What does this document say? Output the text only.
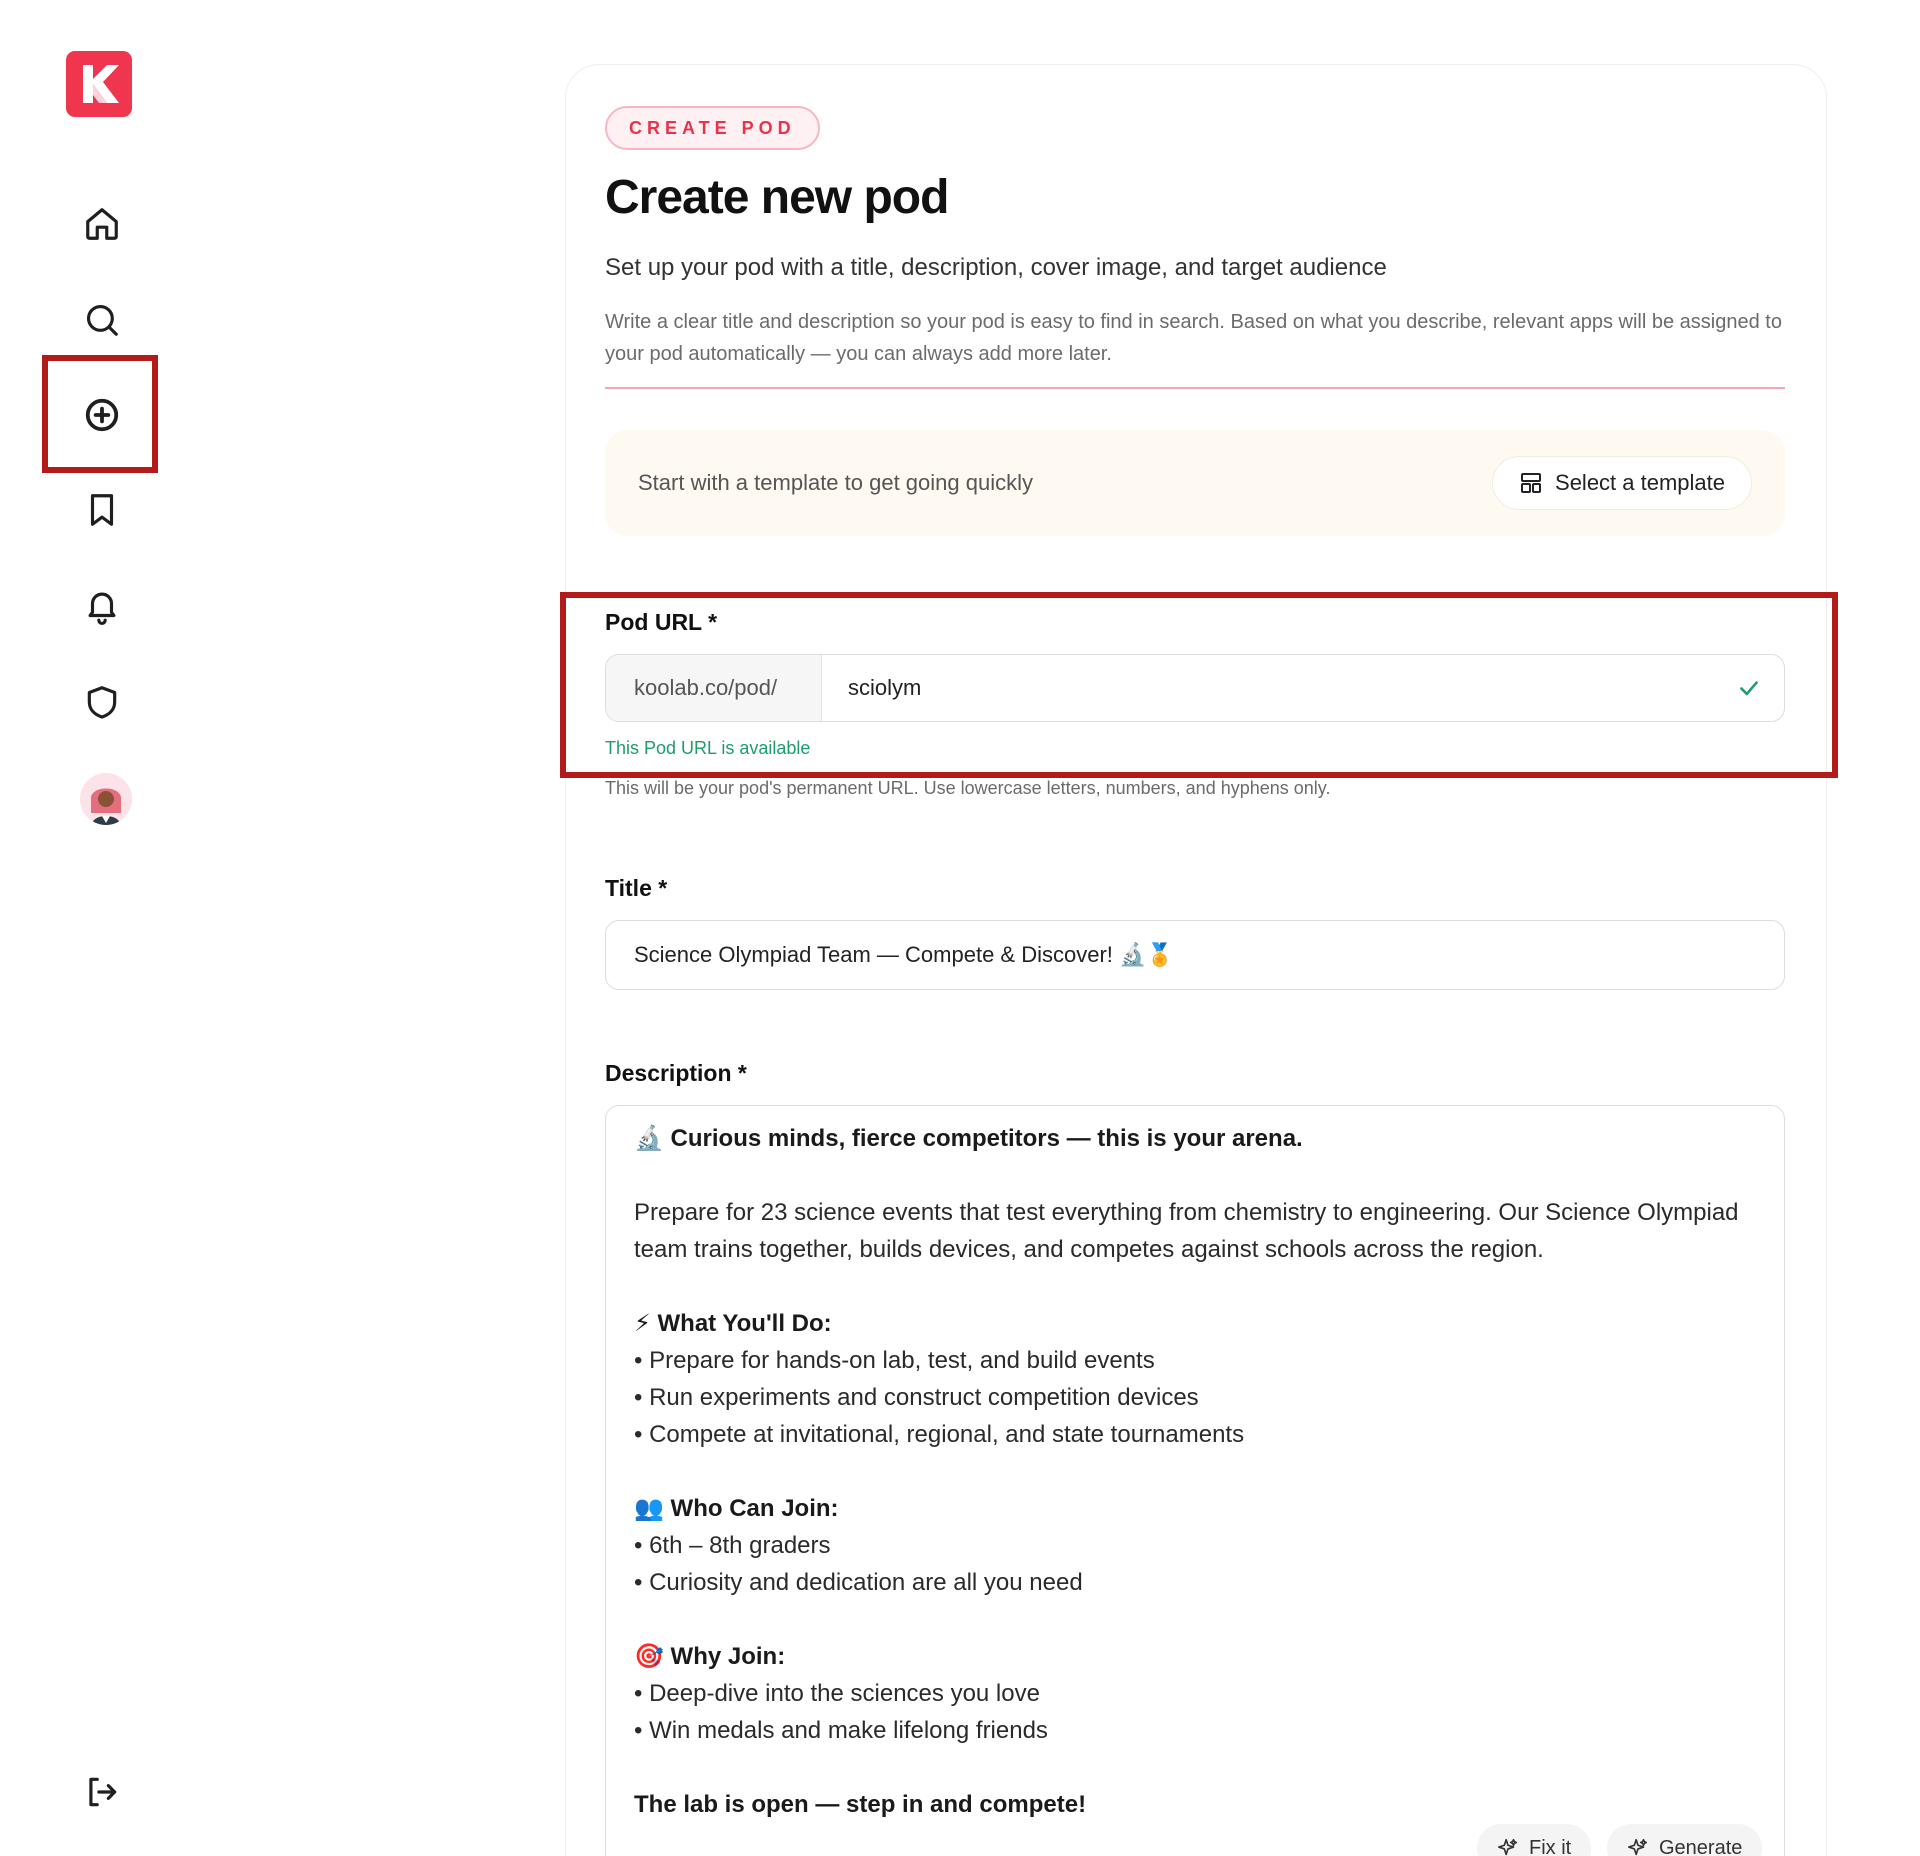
CREATE POD
Create new pod
Set up your pod with a title, description, cover image, and target audience
Write a clear title and description so your pod is easy to find in search. Based on what you describe, relevant apps will be assigned to your pod automatically — you can always add more later.
Start with a template to get going quickly	Select a template
Pod URL *
koolab.co/pod/	sciolym
This Pod URL is available
This will be your pod's permanent URL. Use lowercase letters, numbers, and hyphens only.
Title *
Science Olympiad Team — Compete & Discover! 🔬🏅
Description *

🔬 Curious minds, fierce competitors — this is your arena.

Prepare for 23 science events that test everything from chemistry to engineering. Our Science Olympiad team trains together, builds devices, and competes against schools across the region.

⚡ What You'll Do:

• Prepare for hands-on lab, test, and build events

• Run experiments and construct competition devices

• Compete at invitational, regional, and state tournaments

👥 Who Can Join:

• 6th – 8th graders

• Curiosity and dedication are all you need

🎯 Why Join:

• Deep-dive into the sciences you love

• Win medals and make lifelong friends

The lab is open — step in and compete!

Fix it	Generate
